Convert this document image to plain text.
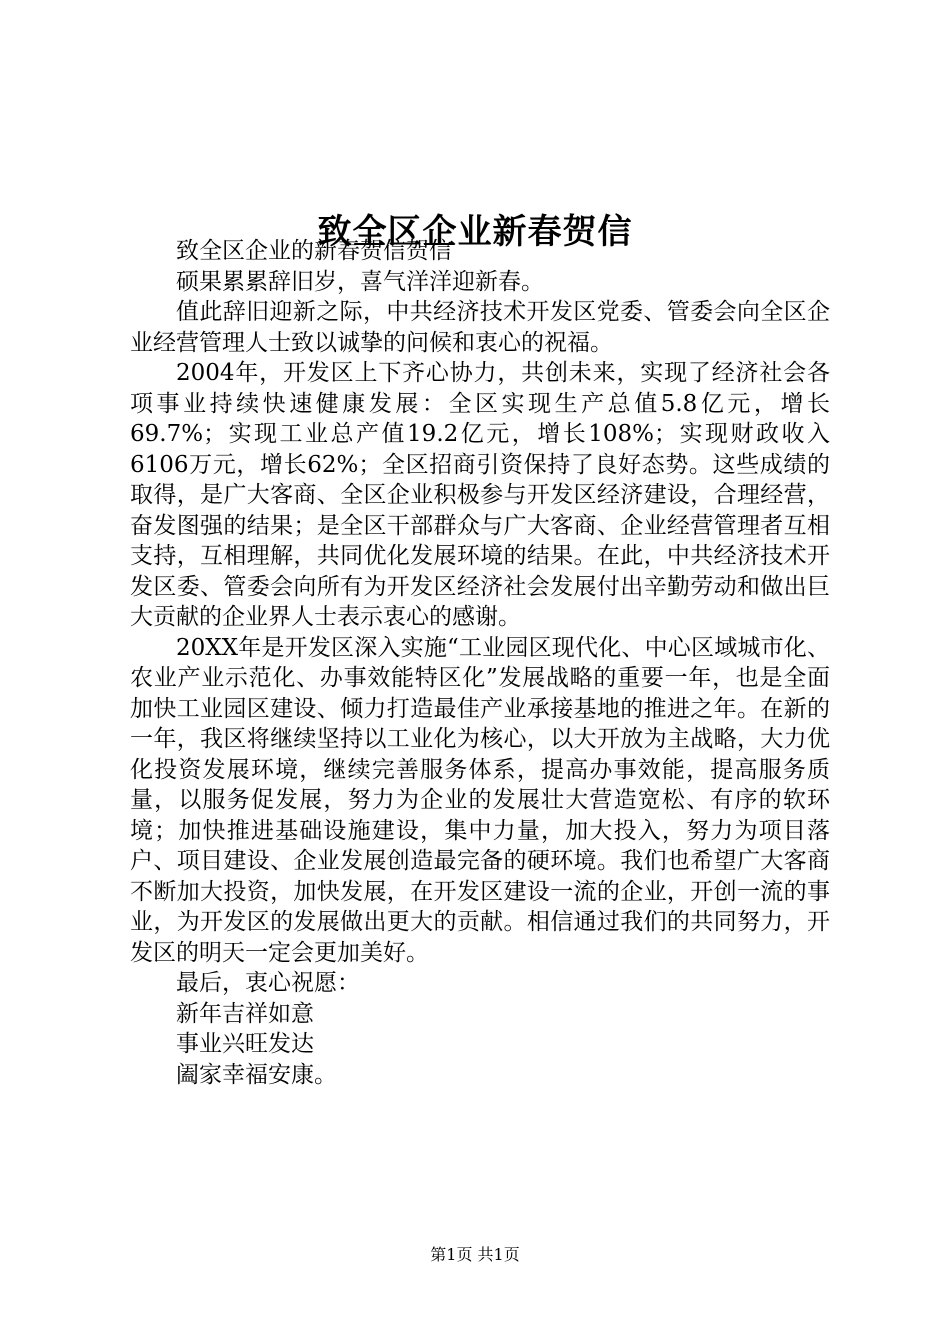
致全区企业新春贺信

致全区企业的新春贺信贺信

硕果累累辞旧岁，喜气洋洋迎新春。

值此辞旧迎新之际，中共经济技术开发区党委、管委会向全区企业经营管理人士致以诚挚的问候和衷心的祝福。

2004年，开发区上下齐心协力，共创未来，实现了经济社会各项事业持续快速健康发展：全区实现生产总值5.8亿元，增长69.7%；实现工业总产值19.2亿元，增长108%；实现财政收入6106万元，增长62%；全区招商引资保持了良好态势。这些成绩的取得，是广大客商、全区企业积极参与开发区经济建设，合理经营，奋发图强的结果；是全区干部群众与广大客商、企业经营管理者互相支持，互相理解，共同优化发展环境的结果。在此，中共经济技术开发区委、管委会向所有为开发区经济社会发展付出辛勤劳动和做出巨大贡献的企业界人士表示衷心的感谢。

20XX年是开发区深入实施“工业园区现代化、中心区域城市化、农业产业示范化、办事效能特区化”发展战略的重要一年，也是全面加快工业园区建设、倾力打造最佳产业承接基地的推进之年。在新的一年，我区将继续坚持以工业化为核心，以大开放为主战略，大力优化投资发展环境，继续完善服务体系，提高办事效能，提高服务质量，以服务促发展，努力为企业的发展壮大营造宽松、有序的软环境；加快推进基础设施建设，集中力量，加大投入，努力为项目落户、项目建设、企业发展创造最完备的硬环境。我们也希望广大客商不断加大投资，加快发展，在开发区建设一流的企业，开创一流的事业，为开发区的发展做出更大的贡献。相信通过我们的共同努力，开发区的明天一定会更加美好。

最后，衷心祝愿：

新年吉祥如意

事业兴旺发达

阖家幸福安康。

第1页 共1页
